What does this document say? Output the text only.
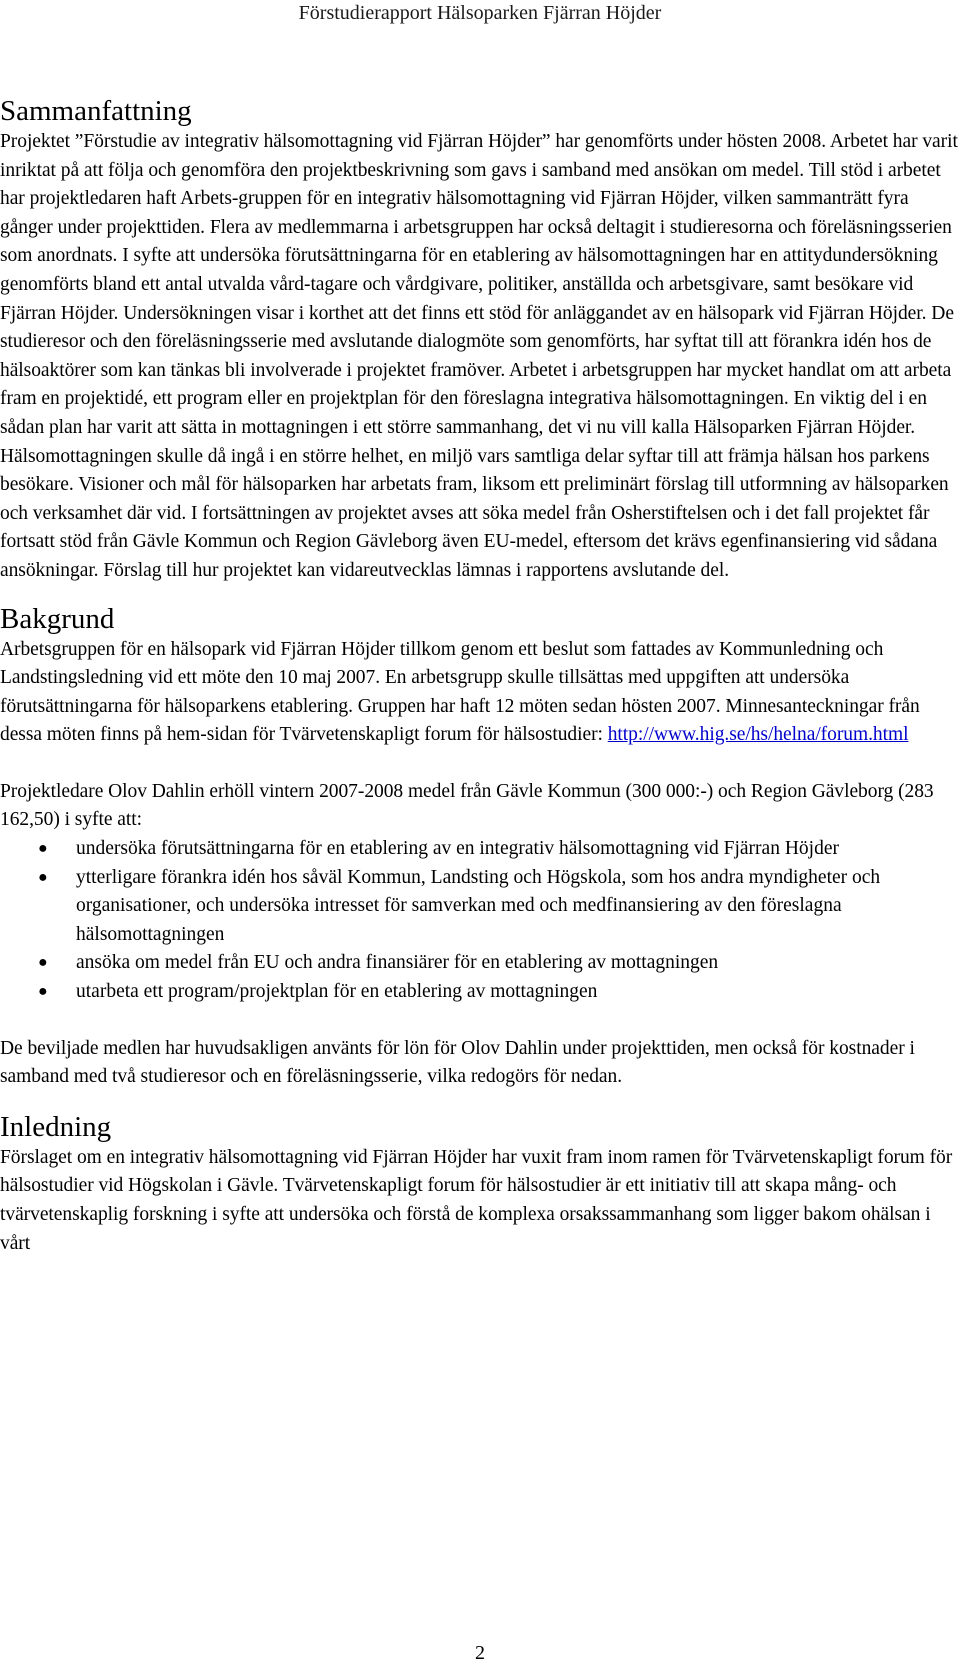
Förstudierapport Hälsoparken Fjärran Höjder
Sammanfattning

Projektet ”Förstudie av integrativ hälsomottagning vid Fjärran Höjder” har genomförts under hösten 2008. Arbetet har varit inriktat på att följa och genomföra den projektbeskrivning som gavs i samband med ansökan om medel. Till stöd i arbetet har projektledaren haft Arbets-gruppen för en integrativ hälsomottagning vid Fjärran Höjder, vilken sammanträtt fyra gånger under projekttiden. Flera av medlemmarna i arbetsgruppen har också deltagit i studieresorna och föreläsningsserien som anordnats. I syfte att undersöka förutsättningarna för en etablering av hälsomottagningen har en attitydundersökning genomförts bland ett antal utvalda vård-tagare och vårdgivare, politiker, anställda och arbetsgivare, samt besökare vid Fjärran Höjder. Undersökningen visar i korthet att det finns ett stöd för anläggandet av en hälsopark vid Fjärran Höjder. De studieresor och den föreläsningsserie med avslutande dialogmöte som genomförts, har syftat till att förankra idén hos de hälsoaktörer som kan tänkas bli involverade i projektet framöver. Arbetet i arbetsgruppen har mycket handlat om att arbeta fram en projektidé, ett program eller en projektplan för den föreslagna integrativa hälsomottagningen. En viktig del i en sådan plan har varit att sätta in mottagningen i ett större sammanhang, det vi nu vill kalla Hälsoparken Fjärran Höjder. Hälsomottagningen skulle då ingå i en större helhet, en miljö vars samtliga delar syftar till att främja hälsan hos parkens besökare. Visioner och mål för hälsoparken har arbetats fram, liksom ett preliminärt förslag till utformning av hälsoparken och verksamhet där vid. I fortsättningen av projektet avses att söka medel från Osherstiftelsen och i det fall projektet får fortsatt stöd från Gävle Kommun och Region Gävleborg även EU-medel, eftersom det krävs egenfinansiering vid sådana ansökningar. Förslag till hur projektet kan vidareutvecklas lämnas i rapportens avslutande del.

Bakgrund

Arbetsgruppen för en hälsopark vid Fjärran Höjder tillkom genom ett beslut som fattades av Kommunledning och Landstingsledning vid ett möte den 10 maj 2007. En arbetsgrupp skulle tillsättas med uppgiften att undersöka förutsättningarna för hälsoparkens etablering. Gruppen har haft 12 möten sedan hösten 2007. Minnesanteckningar från dessa möten finns på hem-sidan för Tvärvetenskapligt forum för hälsostudier: http://www.hig.se/hs/helna/forum.html

Projektledare Olov Dahlin erhöll vintern 2007-2008 medel från Gävle Kommun (300 000:-) och Region Gävleborg (283 162,50) i syfte att:

● undersöka förutsättningarna för en etablering av en integrativ hälsomottagning vid Fjärran Höjder
● ytterligare förankra idén hos såväl Kommun, Landsting och Högskola, som hos andra myndigheter och organisationer, och undersöka intresset för samverkan med och medfinansiering av den föreslagna hälsomottagningen
● ansöka om medel från EU och andra finansiärer för en etablering av mottagningen
● utarbeta ett program/projektplan för en etablering av mottagningen

De beviljade medlen har huvudsakligen använts för lön för Olov Dahlin under projekttiden, men också för kostnader i samband med två studieresor och en föreläsningsserie, vilka redogörs för nedan.

Inledning

Förslaget om en integrativ hälsomottagning vid Fjärran Höjder har vuxit fram inom ramen för Tvärvetenskapligt forum för hälsostudier vid Högskolan i Gävle. Tvärvetenskapligt forum för hälsostudier är ett initiativ till att skapa mång- och tvärvetenskaplig forskning i syfte att undersöka och förstå de komplexa orsakssammanhang som ligger bakom ohälsan i vårt

2
